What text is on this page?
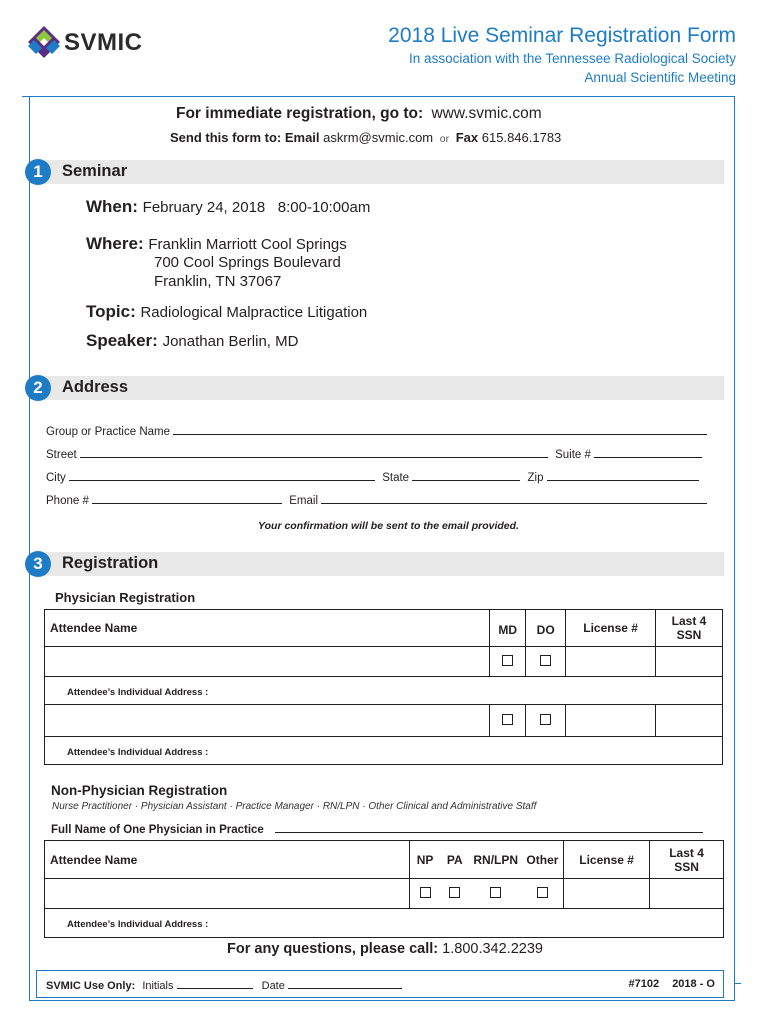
SVMIC	2018 Live Seminar Registration Form
In association with the Tennessee Radiological Society
Annual Scientific Meeting
For immediate registration, go to: www.svmic.com
Send this form to: Email askrm@svmic.com or Fax 615.846.1783
1	Seminar
When: February 24, 2018   8:00-10:00am
Where: Franklin Marriott Cool Springs
700 Cool Springs Boulevard
Franklin, TN 37067
Topic: Radiological Malpractice Litigation
Speaker: Jonathan Berlin, MD
2	Address
Group or Practice Name
Street	Suite #
City	State	Zip
Phone #	Email
Your confirmation will be sent to the email provided.
3	Registration
Physician Registration
Attendee Name	MD	DO	License #	Last 4
SSN

Attendee’s Individual Address :				

Attendee’s Individual Address :				
Non-Physician Registration
Nurse Practitioner · Physician Assistant · Practice Manager · RN/LPN · Other Clinical and Administrative Staff
Full Name of One Physician in Practice
Attendee Name	NP	PA	RN/LPN	Other	License #	Last 4
SSN

Attendee’s Individual Address :						
For any questions, please call: 1.800.342.2239
SVMIC Use Only: Initials	Date	#7102 2018 - O
